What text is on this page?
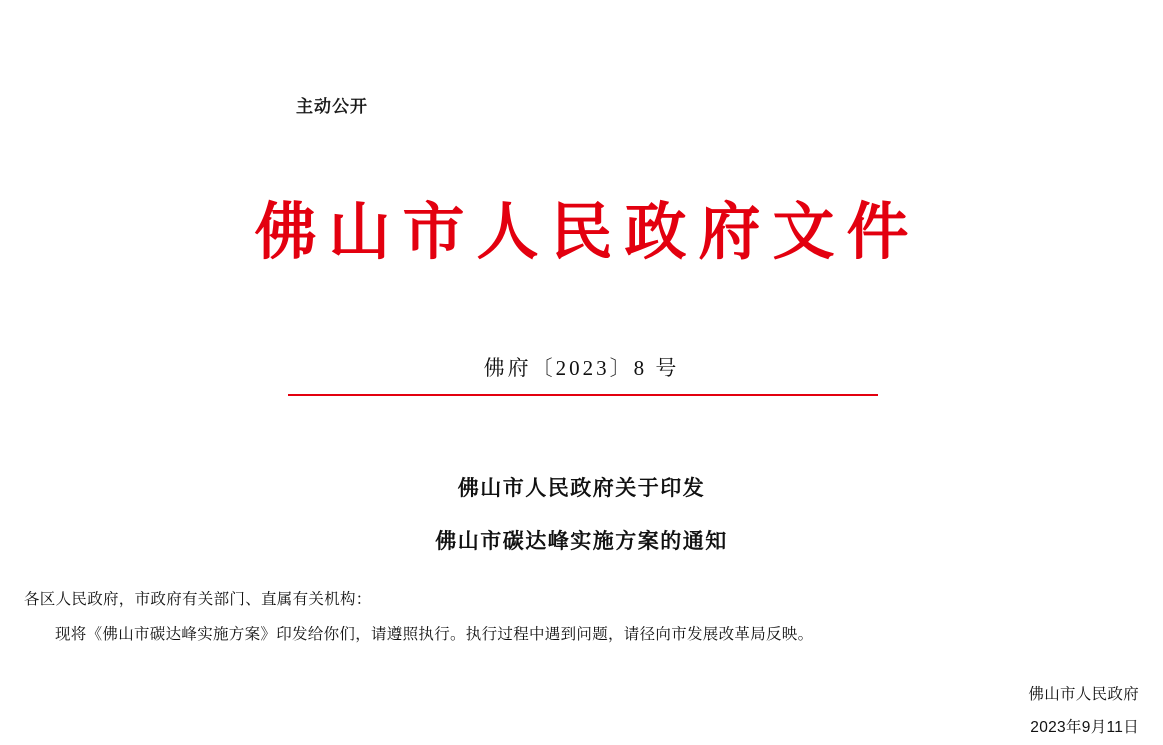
主动公开
佛山市人民政府文件
佛府〔2023〕8 号
佛山市人民政府关于印发
佛山市碳达峰实施方案的通知
各区人民政府，市政府有关部门、直属有关机构：
现将《佛山市碳达峰实施方案》印发给你们，请遵照执行。执行过程中遇到问题，请径向市发展改革局反映。
佛山市人民政府
2023年9月11日
